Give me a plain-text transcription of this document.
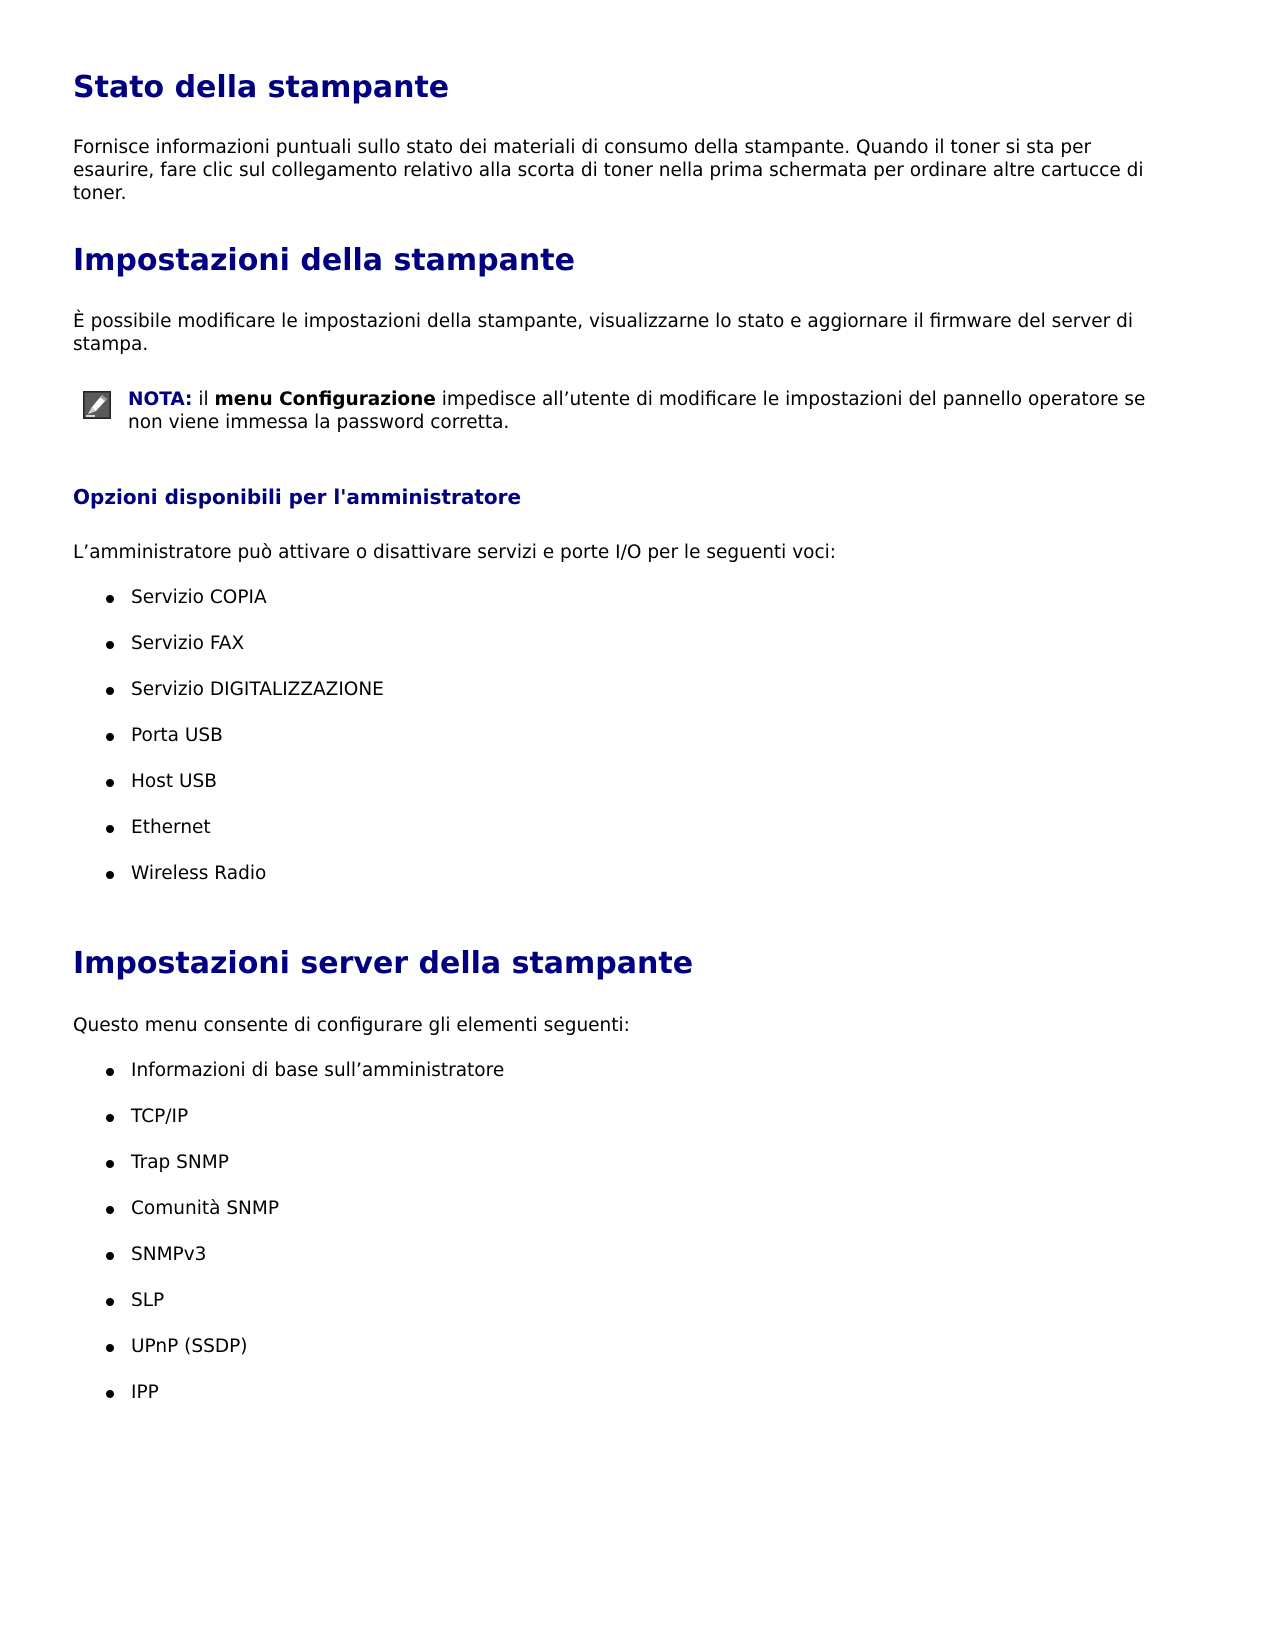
Stato della stampante

Fornisce informazioni puntuali sullo stato dei materiali di consumo della stampante. Quando il toner si sta per esaurire, fare clic sul collegamento relativo alla scorta di toner nella prima schermata per ordinare altre cartucce di toner.

Impostazioni della stampante

È possibile modificare le impostazioni della stampante, visualizzarne lo stato e aggiornare il firmware del server di stampa.

NOTA: il menu Configurazione impedisce all’utente di modificare le impostazioni del pannello operatore se non viene immessa la password corretta.
Opzioni disponibili per l'amministratore

L’amministratore può attivare o disattivare servizi e porte I/O per le seguenti voci:

Servizio COPIA
Servizio FAX
Servizio DIGITALIZZAZIONE
Porta USB
Host USB
Ethernet
Wireless Radio
Impostazioni server della stampante

Questo menu consente di configurare gli elementi seguenti:

Informazioni di base sull’amministratore
TCP/IP
Trap SNMP
Comunità SNMP
SNMPv3
SLP
UPnP (SSDP)
IPP
